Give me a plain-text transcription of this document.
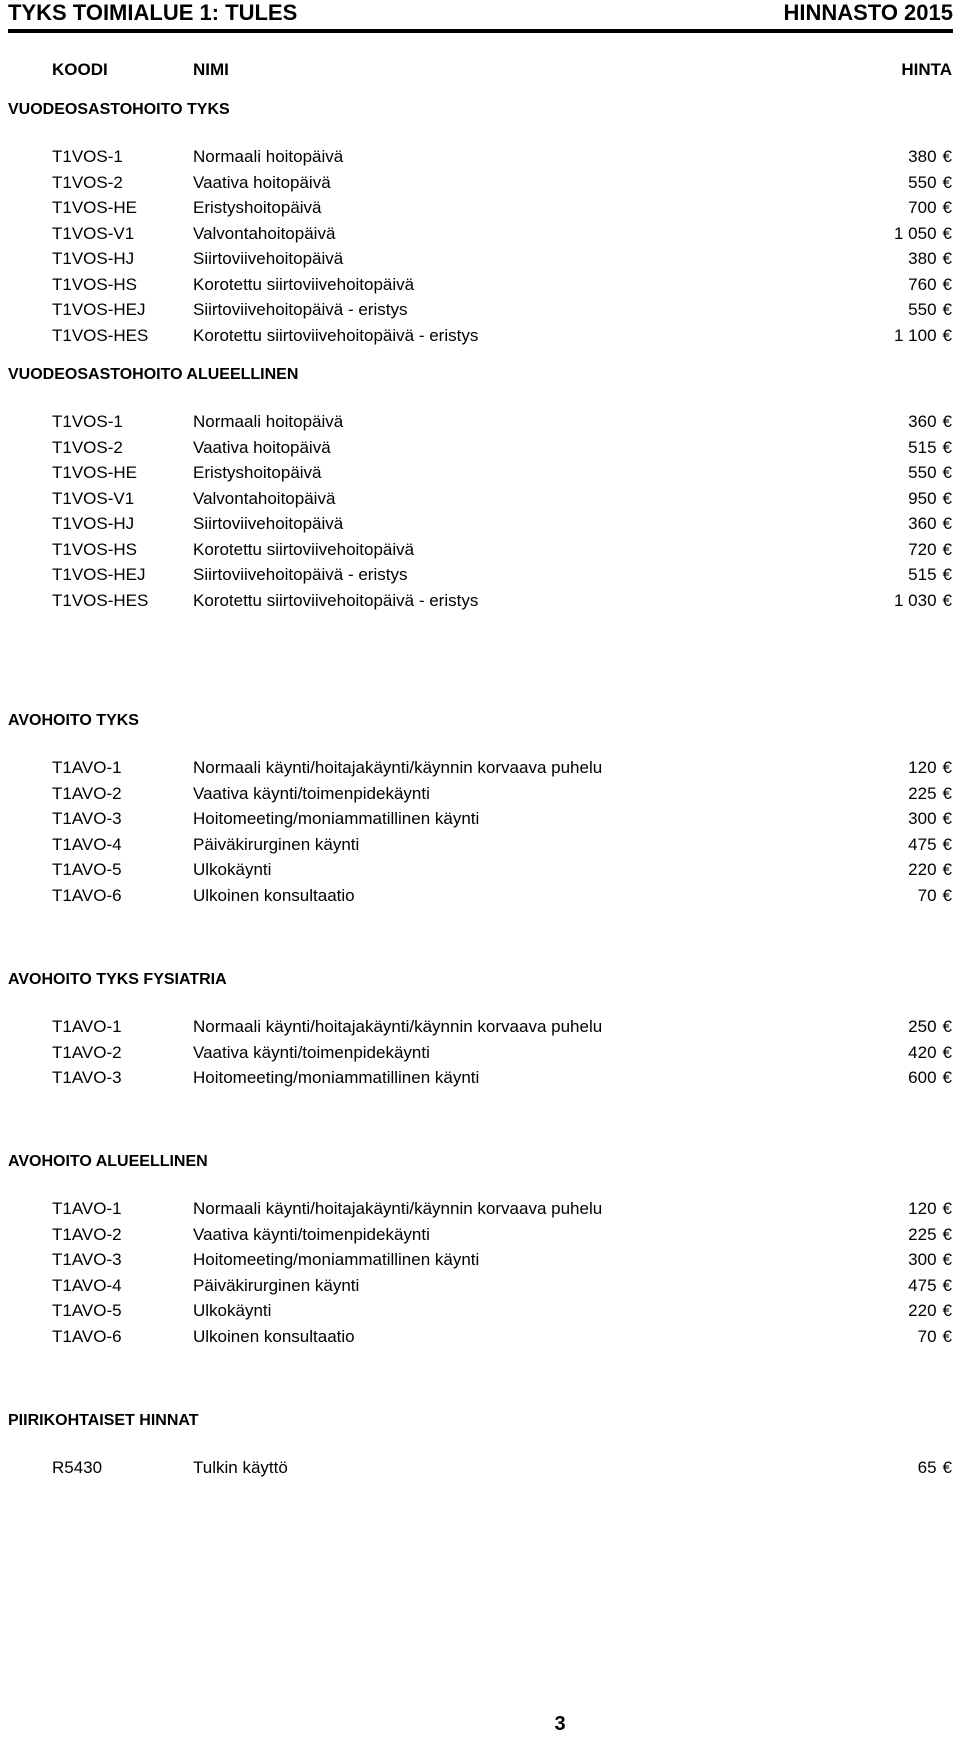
TYKS TOIMIALUE 1: TULES	HINNASTO 2015
KOODI	NIMI	HINTA
VUODEOSASTOHOITO TYKS
T1VOS-1	Normaali hoitopäivä	380 €
T1VOS-2	Vaativa hoitopäivä	550 €
T1VOS-HE	Eristyshoitopäivä	700 €
T1VOS-V1	Valvontahoitopäivä	1 050 €
T1VOS-HJ	Siirtoviivehoitopäivä	380 €
T1VOS-HS	Korotettu siirtoviivehoitopäivä	760 €
T1VOS-HEJ	Siirtoviivehoitopäivä - eristys	550 €
T1VOS-HES	Korotettu siirtoviivehoitopäivä - eristys	1 100 €
VUODEOSASTOHOITO ALUEELLINEN
T1VOS-1	Normaali hoitopäivä	360 €
T1VOS-2	Vaativa hoitopäivä	515 €
T1VOS-HE	Eristyshoitopäivä	550 €
T1VOS-V1	Valvontahoitopäivä	950 €
T1VOS-HJ	Siirtoviivehoitopäivä	360 €
T1VOS-HS	Korotettu siirtoviivehoitopäivä	720 €
T1VOS-HEJ	Siirtoviivehoitopäivä - eristys	515 €
T1VOS-HES	Korotettu siirtoviivehoitopäivä - eristys	1 030 €
AVOHOITO TYKS
T1AVO-1	Normaali käynti/hoitajakäynti/käynnin korvaava puhelu	120 €
T1AVO-2	Vaativa käynti/toimenpidekäynti	225 €
T1AVO-3	Hoitomeeting/moniammatillinen käynti	300 €
T1AVO-4	Päiväkirurginen käynti	475 €
T1AVO-5	Ulkokäynti	220 €
T1AVO-6	Ulkoinen konsultaatio	70 €
AVOHOITO TYKS FYSIATRIA
T1AVO-1	Normaali käynti/hoitajakäynti/käynnin korvaava puhelu	250 €
T1AVO-2	Vaativa käynti/toimenpidekäynti	420 €
T1AVO-3	Hoitomeeting/moniammatillinen käynti	600 €
AVOHOITO ALUEELLINEN
T1AVO-1	Normaali käynti/hoitajakäynti/käynnin korvaava puhelu	120 €
T1AVO-2	Vaativa käynti/toimenpidekäynti	225 €
T1AVO-3	Hoitomeeting/moniammatillinen käynti	300 €
T1AVO-4	Päiväkirurginen käynti	475 €
T1AVO-5	Ulkokäynti	220 €
T1AVO-6	Ulkoinen konsultaatio	70 €
PIIRIKOHTAISET HINNAT
R5430	Tulkin käyttö	65 €
3
